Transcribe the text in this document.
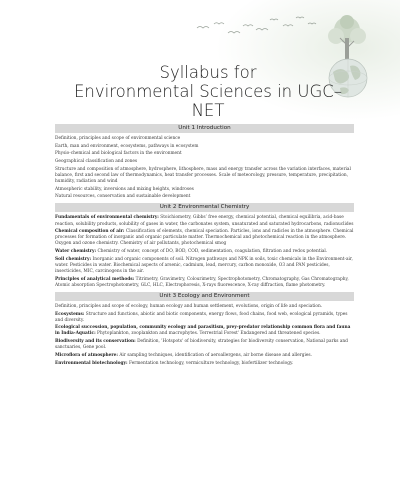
Syllabus for
Environmental Sciences in UGC–NET
Unit 1 Introduction

Definition, principles and scope of environmental science

Earth, man and environment, ecosystems, pathways in ecosystem

Physio-chemical and biological factors in the environment

Geographical classification and zones

Structure and composition of atmosphere, hydrosphere, lithosphere, mass and energy transfer across the variation interfaces, material balance, first and second law of thermodynamics, heat transfer processes. Scale of meteorology, pressure, temperature, precipitation, humidity, radiation and wind

Atmospheric stability, inversions and mixing heights, windroses

Natural resources, conservation and sustainable development

Unit 2 Environmental Chemistry

Fundamentals of environmental chemistry: Stoichiometry, Gibbs’ free energy, chemical potential, chemical equilibria, acid-base reaction, solubility products, solubility of gases in water, the carbonates system, unsaturated and saturated hydrocarbons, radionuclides

Chemical composition of air: Classification of elements, chemical speciation. Particles, ions and radicles in the atmosphere. Chemical processes for formation of inorganic and organic particulate matter. Thermochemical and photochemical reaction in the atmosphere. Oxygen and ozone chemistry. Chemistry of air pollutants, photochemical smog

Water chemistry: Chemistry of water, concept of DO, BOD, COD, sedimentation, coagulation, filtration and redox potential.

Soil chemistry: Inorganic and organic components of soil. Nitrogen pathways and NPK in soils, toxic chemicals in the Environment-air, water. Pesticides in water. Biochemical aspects of arsenic, cadmium, lead, mercury, carbon monoxide, O3 and PAN pesticides, insecticides, MIC, carcinogens in the air.

Principles of analytical methods: Titrimetry, Gravimetry, Colourimetry, Spectrophotometry, Chromatography, Gas Chromatography, Atomic absorption Spectrophotometry, GLC, HLC, Electrophoresis, X-rays fluorescence, X-ray diffraction, flame photometry.

Unit 3 Ecology and Environment

Definition, principles and scope of ecology, human ecology and human settlement, evolutions, origin of life and speciation.

Ecosystems: Structure and functions, abiotic and biotic components, energy flows, food chains, food web, ecological pyramids, types and diversity.

Ecological succession, population, community ecology and parasitism, prey-predator relationship common flora and fauna in India-Aquatic: Phytoplankton, zooplankton and macrophytes. Terrestrial Forest' Endangered and threatened species.

Biodiversity and its conservation: Definition, 'Hotspots' of biodiversity, strategies for biodiversity conservation, National parks and sanctuaries, Gene pool.

Microflora of atmosphere: Air sampling techniques, identification of aeroallergens, air borne disease and allergies.

Environmental biotechnology: Fermentation technology, vermiculture technology, biofertilizer technology.
